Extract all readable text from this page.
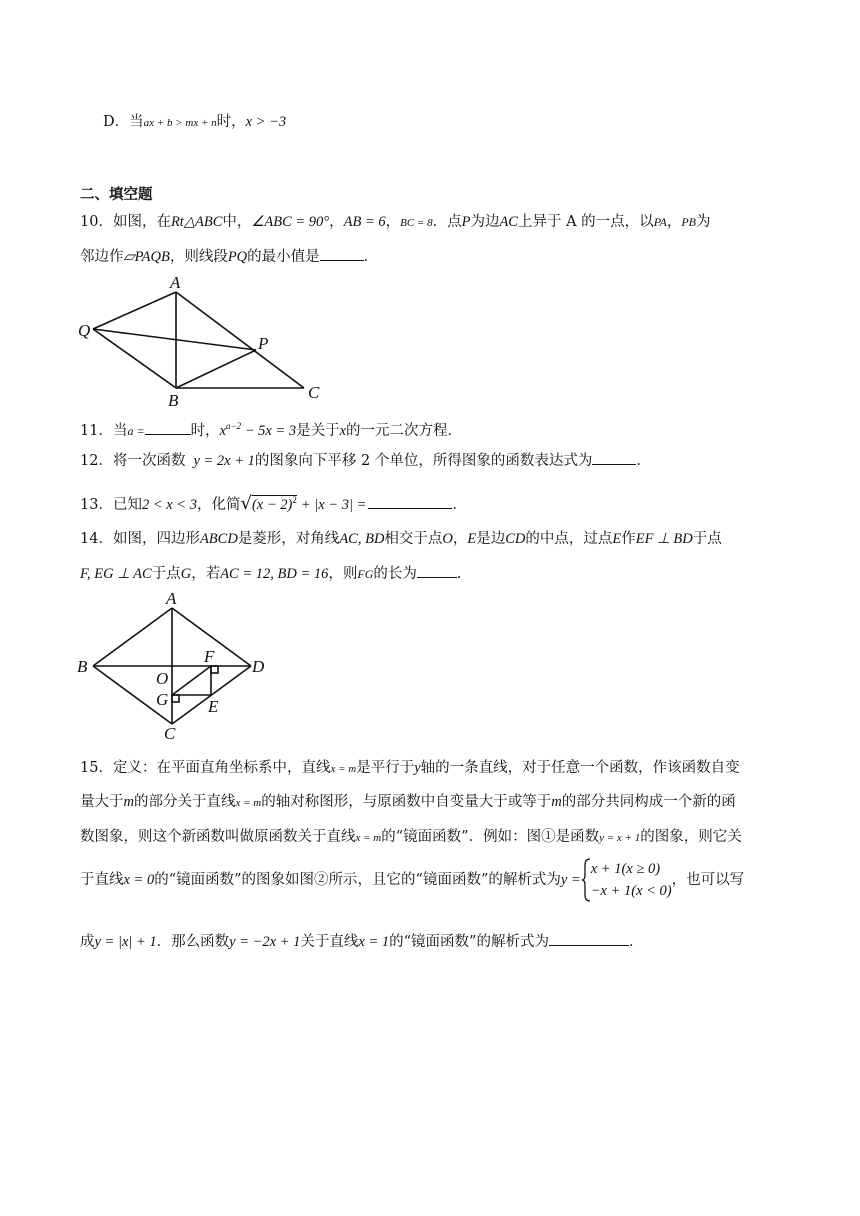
D．当ax + b > mx + n时，x > −3
二、填空题
10．如图，在Rt△ABC中，∠ABC = 90°，AB = 6，BC = 8．点P为边AC上异于 A 的一点，以PA，PB为
邻边作▱PAQB，则线段PQ的最小值是	．
A
Q
P
B	C
11．当a =	时，$x^{a-2} - 5x = 3$是关于x的一元二次方程．
12．将一次函数 y = 2x + 1的图象向下平移 2 个单位，所得图象的函数表达式为	．
13．已知2 < x < 3，化简$√(x - 2)^2 + |x - 3|$ =	．
14．如图，四边形ABCD是菱形，对角线AC, BD相交于点O，E是边CD的中点，过点E作EF ⊥ BD于点
F, EG ⊥ AC于点G，若AC = 12, BD = 16，则FG的长为	．
A
B	D
O
F
G E
C
15．定义：在平面直角坐标系中，直线x = m是平行于y轴的一条直线，对于任意一个函数，作该函数自变
量大于m的部分关于直线x = m的轴对称图形，与原函数中自变量大于或等于m的部分共同构成一个新的函
数图象，则这个新函数叫做原函数关于直线x = m的“镜面函数”．例如：图①是函数y = x + 1的图象，则它关
于直线x = 0的“镜面函数”的图象如图②所示，且它的“镜面函数”的解析式为y =
x + 1(x ≥ 0)
−x + 1(x < 0)
，也可以写
成y = |x| + 1．那么函数y = −2x + 1关于直线x = 1的“镜面函数”的解析式为	．
